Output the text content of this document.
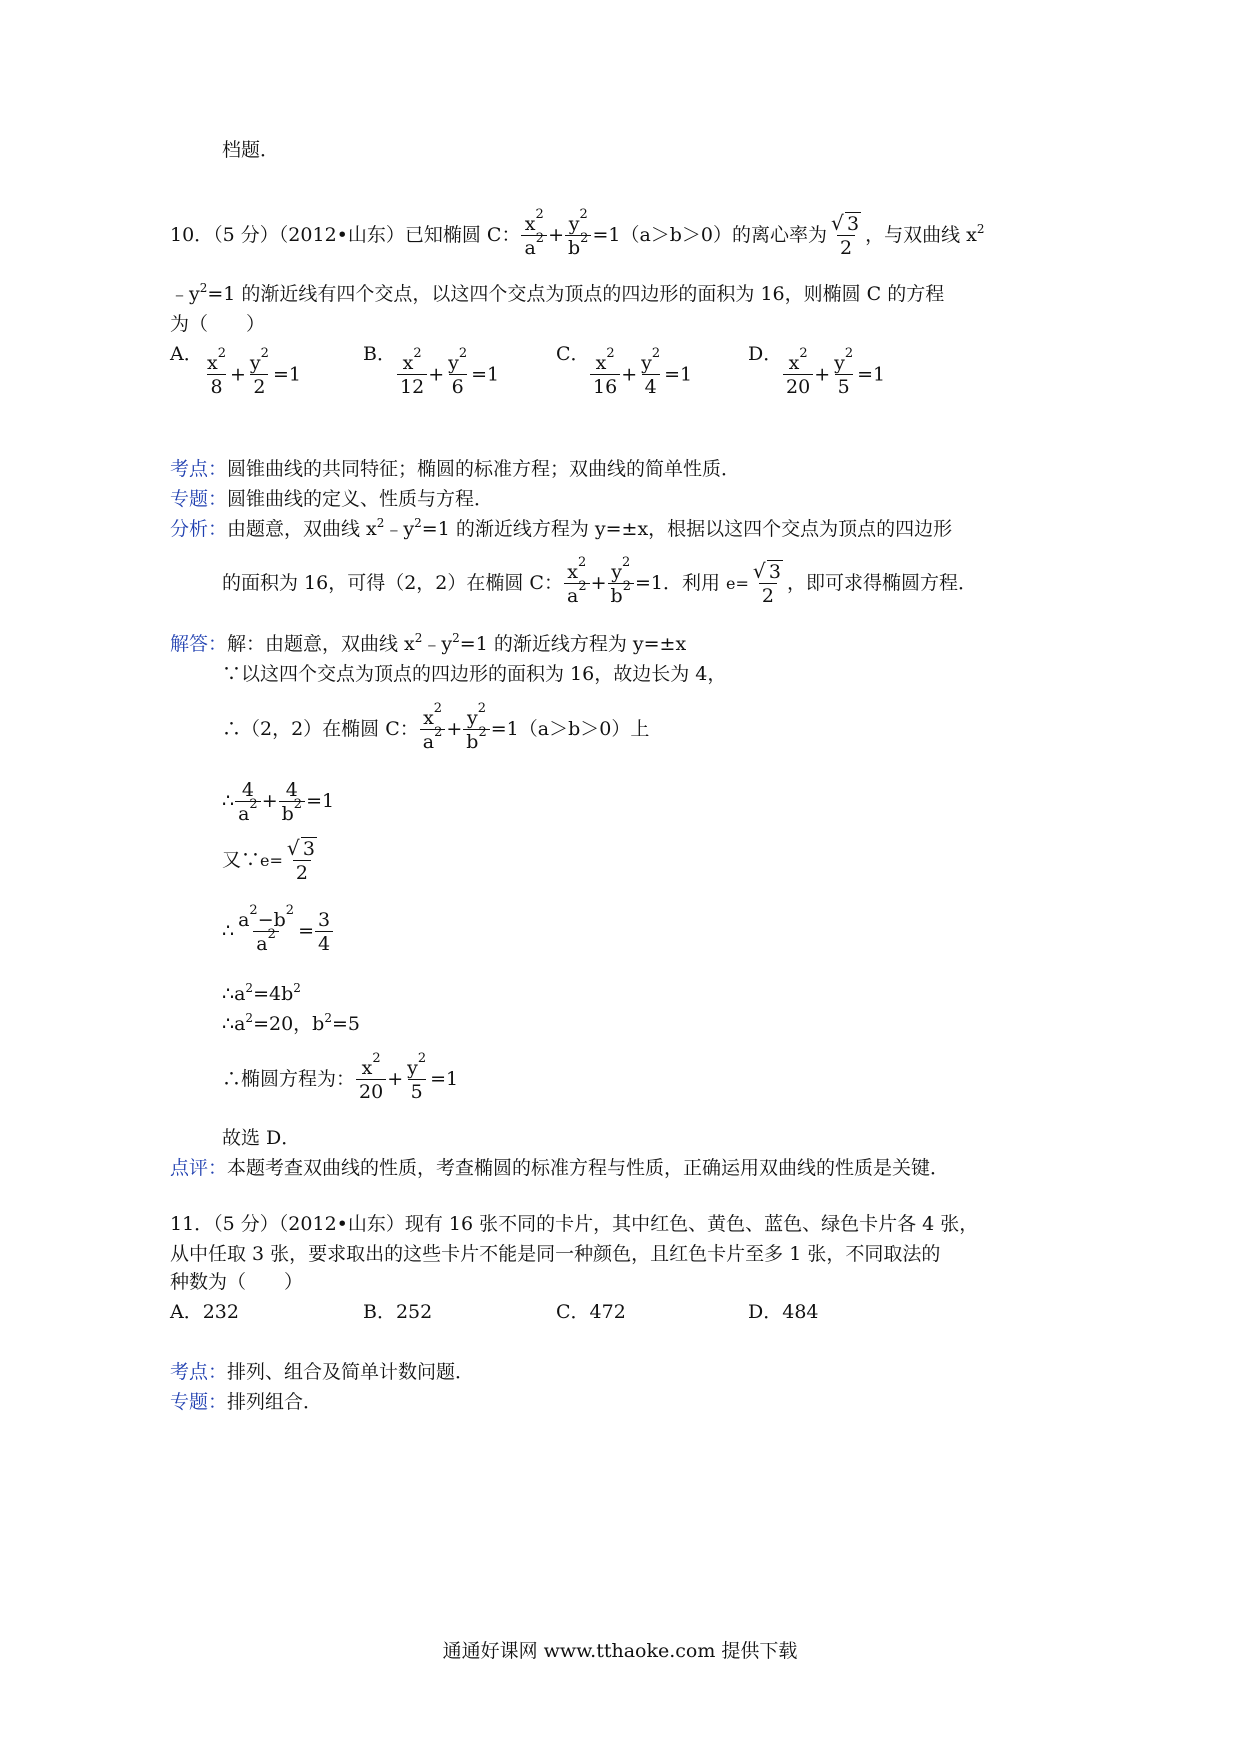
档题．
10．（5 分）（2012•山东）已知椭圆 C： $\frac{x^2}{a^2} + \frac{y^2}{b^2} =1(a>b>0)$的离心率为 $\frac{√ 3}{2}$ ，与双曲线 $x^2$
$﹣y^2=1$ 的渐近线有四个交点，以这四个交点为顶点的四边形的面积为 16，则椭圆 C 的方程
为（　　）
A． $\frac{x^2}{8} + \frac{y^2}{2} =1$
B． $\frac{x^2}{12} + \frac{y^2}{6} =1$
C． $\frac{x^2}{16} + \frac{y^2}{4} =1$
D． $\frac{x^2}{20} + \frac{y^2}{5} =1$
考点：圆锥曲线的共同特征；椭圆的标准方程；双曲线的简单性质．
专题：圆锥曲线的定义、性质与方程．
分析：由题意，双曲线 $x^2﹣y^2=1$ 的渐近线方程为 y=±x，根据以这四个交点为顶点的四边形
的面积为 16，可得（2，2）在椭圆 C： $\frac{x^2}{a^2} + \frac{y^2}{b^2} =1$．利用 $e= \frac{√ 3}{2}$ ，即可求得椭圆方程．
解答：解：由题意，双曲线 $x^2﹣y^2=1$ 的渐近线方程为 y=±x
∵以这四个交点为顶点的四边形的面积为 16，故边长为 4，
∴（2，2）在椭圆 C： $\frac{x^2}{a^2} + \frac{y^2}{b^2} =1(a>b>0)$上
∴ $\frac{4}{a^2} + \frac{4}{b^2} =1$
又∵e= $\frac{√ 3}{2}$
∴ $\frac{a^2 - b^2}{a^2} = \frac{3}{4}$
$\therefore a^2=4b^2$
$\therefore a^2=20$，$b^2=5$
∴椭圆方程为： $\frac{x^2}{20} + \frac{y^2}{5} =1$
故选 D．
点评：本题考查双曲线的性质，考查椭圆的标准方程与性质，正确运用双曲线的性质是关键．
11．（5 分）（2012•山东）现有 16 张不同的卡片，其中红色、黄色、蓝色、绿色卡片各 4 张，
从中任取 3 张，要求取出的这些卡片不能是同一种颜色，且红色卡片至多 1 张，不同取法的
种数为（　　）
A．232	B．252	C．472	D．484
考点：排列、组合及简单计数问题．
专题：排列组合．
通通好课网 www.tthaoke.com 提供下载
